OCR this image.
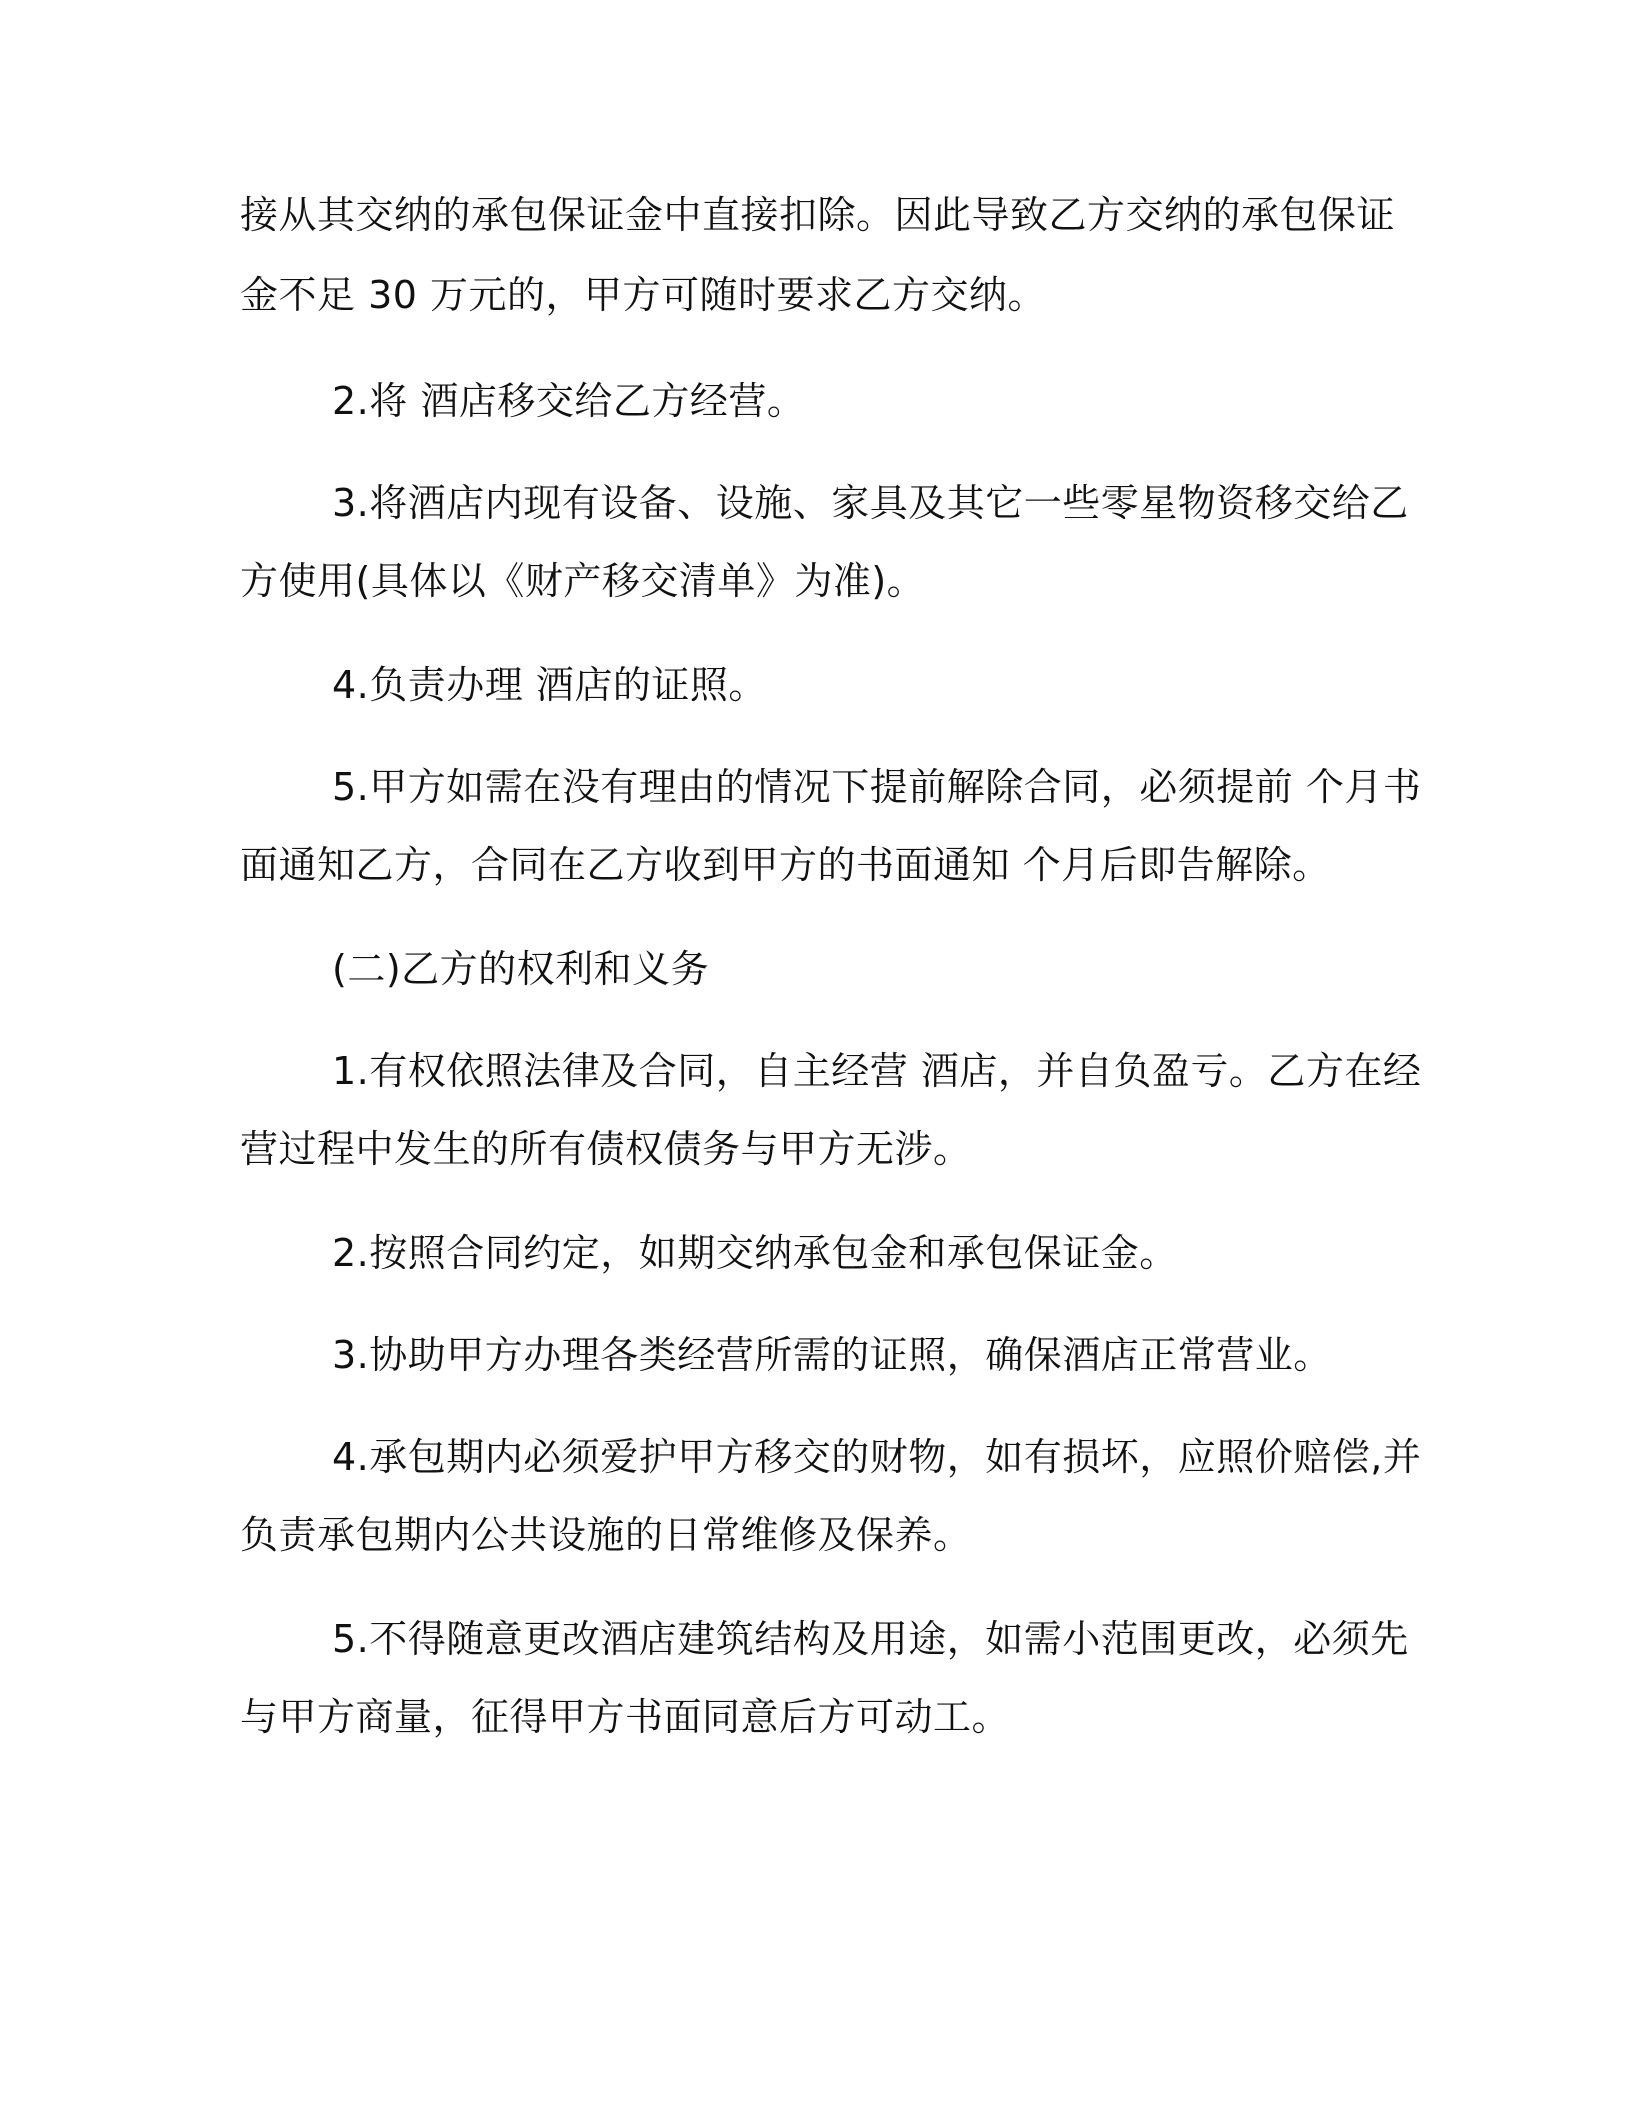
接从其交纳的承包保证金中直接扣除。因此导致乙方交纳的承包保证
金不足 30 万元的，甲方可随时要求乙方交纳。
2.将 酒店移交给乙方经营。
3.将酒店内现有设备、设施、家具及其它一些零星物资移交给乙
方使用(具体以《财产移交清单》为准)。
4.负责办理 酒店的证照。
5.甲方如需在没有理由的情况下提前解除合同，必须提前 个月书
面通知乙方，合同在乙方收到甲方的书面通知 个月后即告解除。
(二)乙方的权利和义务
1.有权依照法律及合同，自主经营 酒店，并自负盈亏。乙方在经
营过程中发生的所有债权债务与甲方无涉。
2.按照合同约定，如期交纳承包金和承包保证金。
3.协助甲方办理各类经营所需的证照，确保酒店正常营业。
4.承包期内必须爱护甲方移交的财物，如有损坏，应照价赔偿,并
负责承包期内公共设施的日常维修及保养。
5.不得随意更改酒店建筑结构及用途，如需小范围更改，必须先
与甲方商量，征得甲方书面同意后方可动工。
